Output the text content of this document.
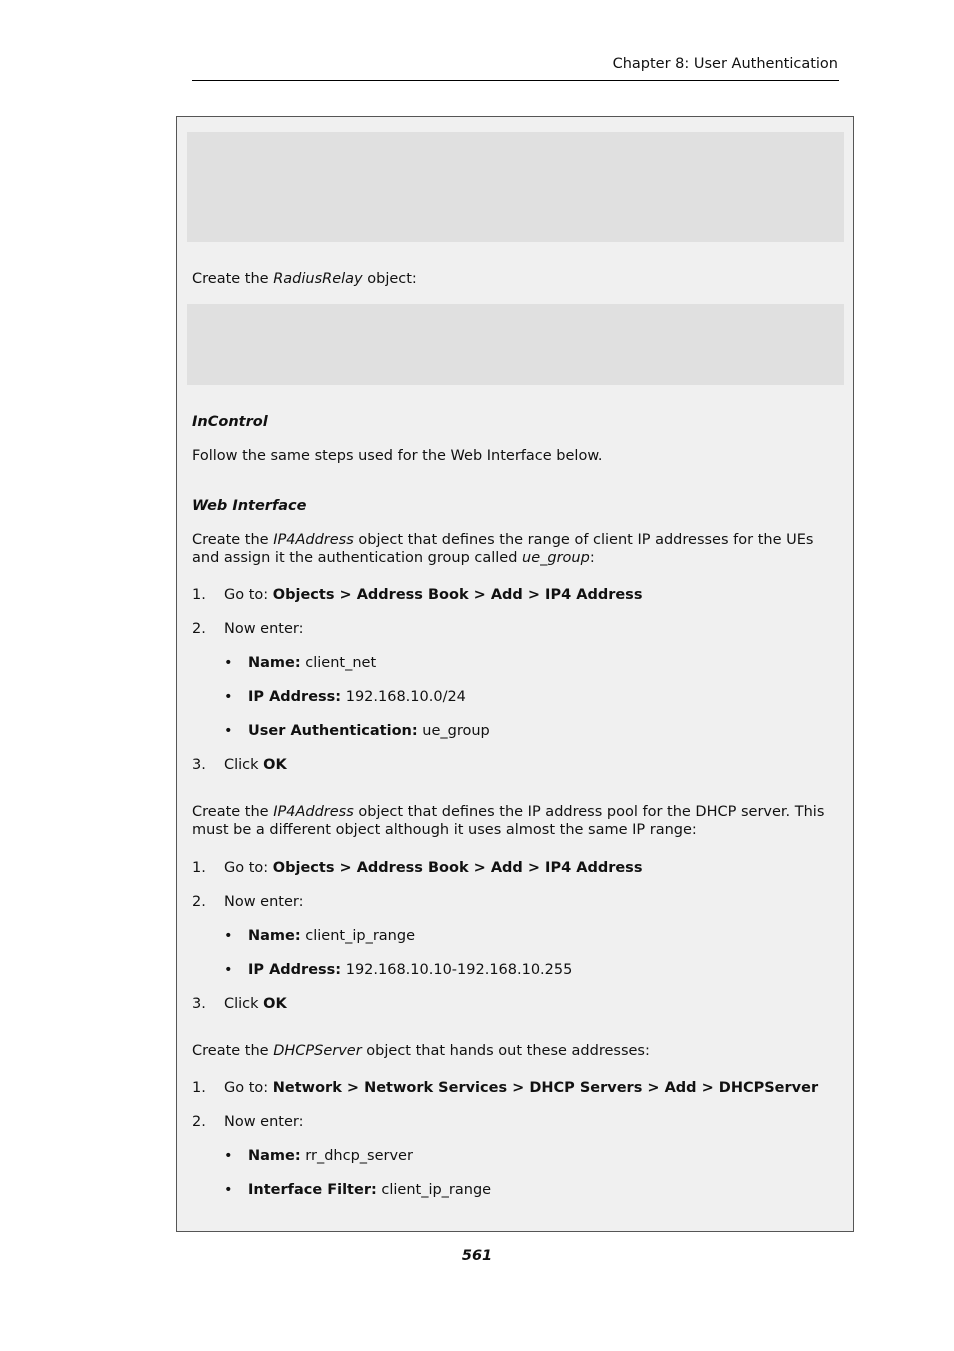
Chapter 8: User Authentication
Create the RadiusRelay object:
InControl
Follow the same steps used for the Web Interface below.
Web Interface
Create the IP4Address object that defines the range of client IP addresses for the UEs and assign it the authentication group called ue_group:
1. Go to: Objects > Address Book > Add > IP4 Address
2. Now enter:
• Name: client_net
• IP Address: 192.168.10.0/24
• User Authentication: ue_group
3. Click OK
Create the IP4Address object that defines the IP address pool for the DHCP server. This must be a different object although it uses almost the same IP range:
1. Go to: Objects > Address Book > Add > IP4 Address
2. Now enter:
• Name: client_ip_range
• IP Address: 192.168.10.10-192.168.10.255
3. Click OK
Create the DHCPServer object that hands out these addresses:
1. Go to: Network > Network Services > DHCP Servers > Add > DHCPServer
2. Now enter:
• Name: rr_dhcp_server
• Interface Filter: client_ip_range
561
